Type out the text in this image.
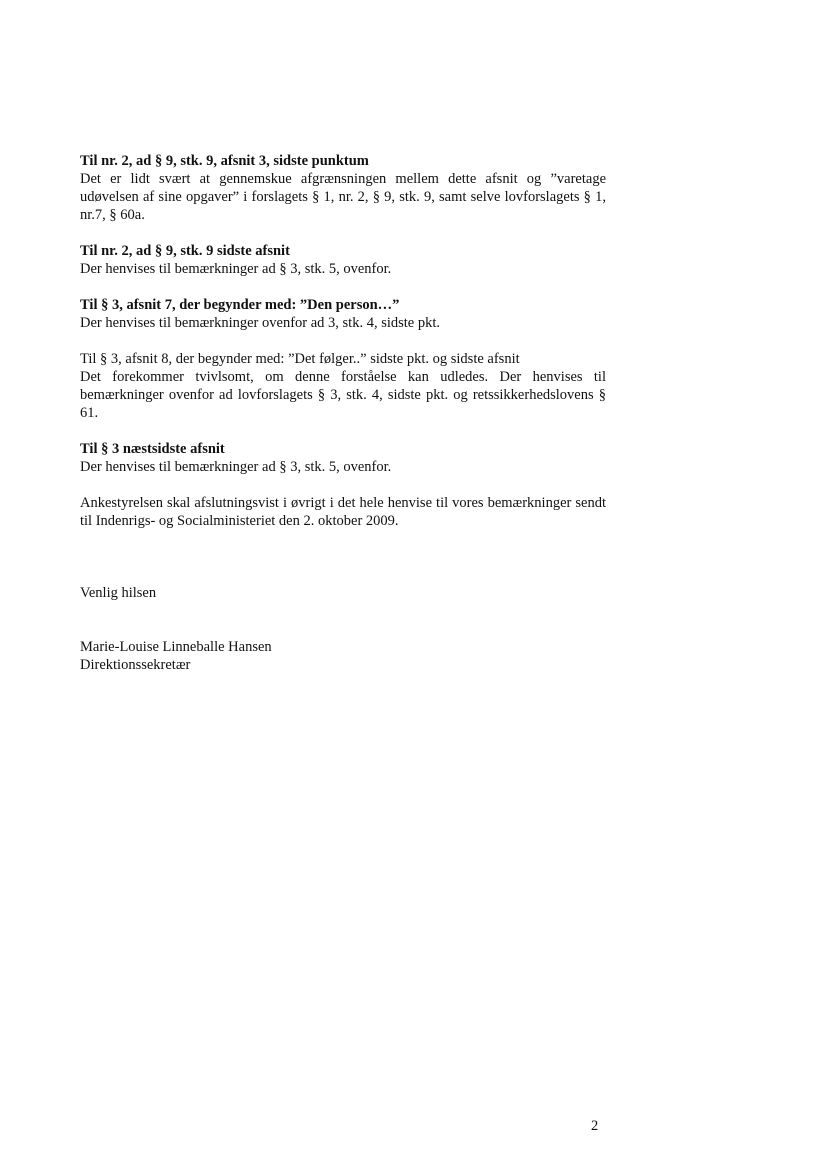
Til nr. 2, ad § 9, stk. 9, afsnit 3, sidste punktum

Det er lidt svært at gennemskue afgrænsningen mellem dette afsnit og ”varetage udøvelsen af sine opgaver” i forslagets § 1, nr. 2, § 9, stk. 9, samt selve lovforslagets § 1, nr.7, § 60a.

Til nr. 2, ad § 9, stk. 9 sidste afsnit

Der henvises til bemærkninger ad § 3, stk. 5, ovenfor.

Til § 3, afsnit 7, der begynder med: ”Den person…”

Der henvises til bemærkninger ovenfor ad 3, stk. 4, sidste pkt.

Til § 3, afsnit 8, der begynder med: ”Det følger..” sidste pkt. og sidste afsnit

Det forekommer tvivlsomt, om denne forståelse kan udledes. Der henvises til bemærkninger ovenfor ad lovforslagets § 3, stk. 4, sidste pkt. og retssikkerhedslovens § 61.

Til § 3 næstsidste afsnit

Der henvises til bemærkninger ad § 3, stk. 5, ovenfor.

Ankestyrelsen skal afslutningsvist i øvrigt i det hele henvise til vores bemærkninger sendt til Indenrigs- og Socialministeriet den 2. oktober 2009.

Venlig hilsen
Marie-Louise Linneballe Hansen
Direktionssekretær
2
